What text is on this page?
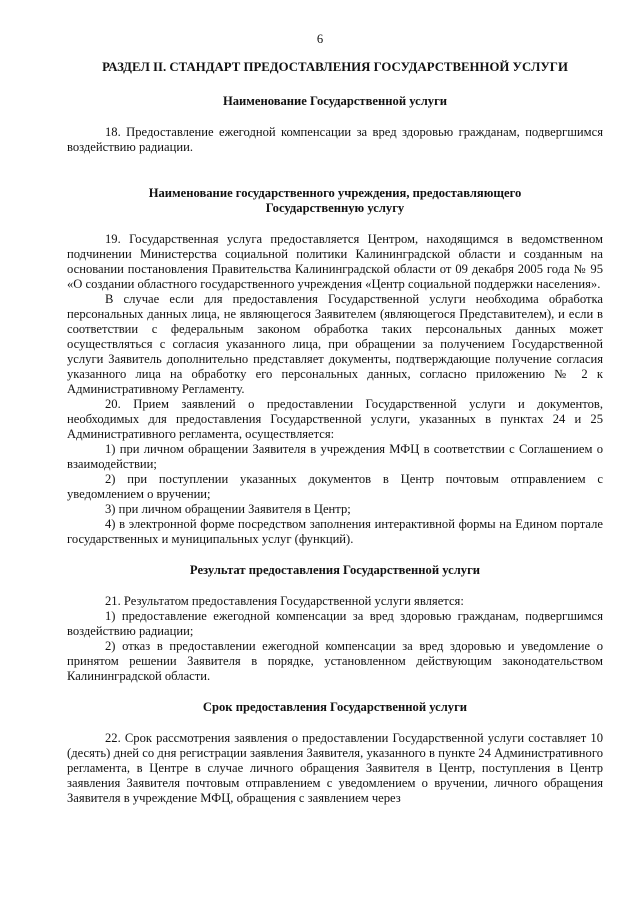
6
РАЗДЕЛ II. СТАНДАРТ ПРЕДОСТАВЛЕНИЯ ГОСУДАРСТВЕННОЙ УСЛУГИ
Наименование Государственной услуги

18. Предоставление ежегодной компенсации за вред здоровью гражданам, подвергшимся воздействию радиации.

Наименование государственного учреждения, предоставляющего Государственную услугу

19. Государственная услуга предоставляется Центром, находящимся в ведомственном подчинении Министерства социальной политики Калининградской области и созданным на основании постановления Правительства Калининградской области от 09 декабря 2005 года № 95 «О создании областного государственного учреждения «Центр социальной поддержки населения».

В случае если для предоставления Государственной услуги необходима обработка персональных данных лица, не являющегося Заявителем (являющегося Представителем), и если в соответствии с федеральным законом обработка таких персональных данных может осуществляться с согласия указанного лица, при обращении за получением Государственной услуги Заявитель дополнительно представляет документы, подтверждающие получение согласия указанного лица на обработку его персональных данных, согласно приложению № 2 к Административному Регламенту.

20. Прием заявлений о предоставлении Государственной услуги и документов, необходимых для предоставления Государственной услуги, указанных в пунктах 24 и 25 Административного регламента, осуществляется:

1) при личном обращении Заявителя в учреждения МФЦ в соответствии с Соглашением о взаимодействии;

2) при поступлении указанных документов в Центр почтовым отправлением с уведомлением о вручении;

3) при личном обращении Заявителя в Центр;

4) в электронной форме посредством заполнения интерактивной формы на Едином портале государственных и муниципальных услуг (функций).

Результат предоставления Государственной услуги

21. Результатом предоставления Государственной услуги является:

1) предоставление ежегодной компенсации за вред здоровью гражданам, подвергшимся воздействию радиации;

2) отказ в предоставлении ежегодной компенсации за вред здоровью и уведомление о принятом решении Заявителя в порядке, установленном действующим законодательством Калининградской области.

Срок предоставления Государственной услуги

22. Срок рассмотрения заявления о предоставлении Государственной услуги составляет 10 (десять) дней со дня регистрации заявления Заявителя, указанного в пункте 24 Административного регламента, в Центре в случае личного обращения Заявителя в Центр, поступления в Центр заявления Заявителя почтовым отправлением с уведомлением о вручении, личного обращения Заявителя в учреждение МФЦ, обращения с заявлением через
